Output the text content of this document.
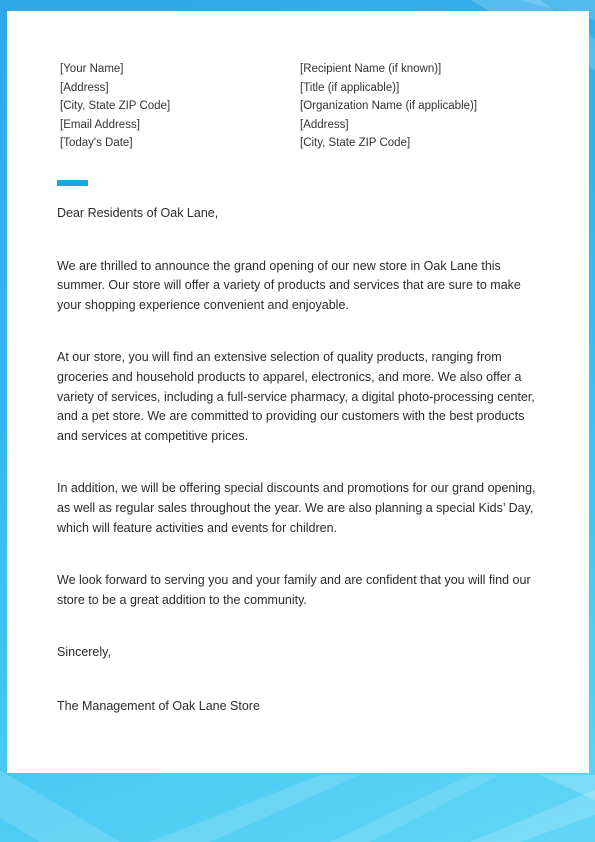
[Your Name]
[Address]
[City, State ZIP Code]
[Email Address]
[Today's Date]
[Recipient Name (if known)]
[Title (if applicable)]
[Organization Name (if applicable)]
[Address]
[City, State ZIP Code]

Dear Residents of Oak Lane,

We are thrilled to announce the grand opening of our new store in Oak Lane this summer. Our store will offer a variety of products and services that are sure to make your shopping experience convenient and enjoyable.

At our store, you will find an extensive selection of quality products, ranging from groceries and household products to apparel, electronics, and more. We also offer a variety of services, including a full-service pharmacy, a digital photo-processing center, and a pet store. We are committed to providing our customers with the best products and services at competitive prices.

In addition, we will be offering special discounts and promotions for our grand opening, as well as regular sales throughout the year. We are also planning a special Kids’ Day, which will feature activities and events for children.

We look forward to serving you and your family and are confident that you will find our store to be a great addition to the community.

Sincerely,

The Management of Oak Lane Store
